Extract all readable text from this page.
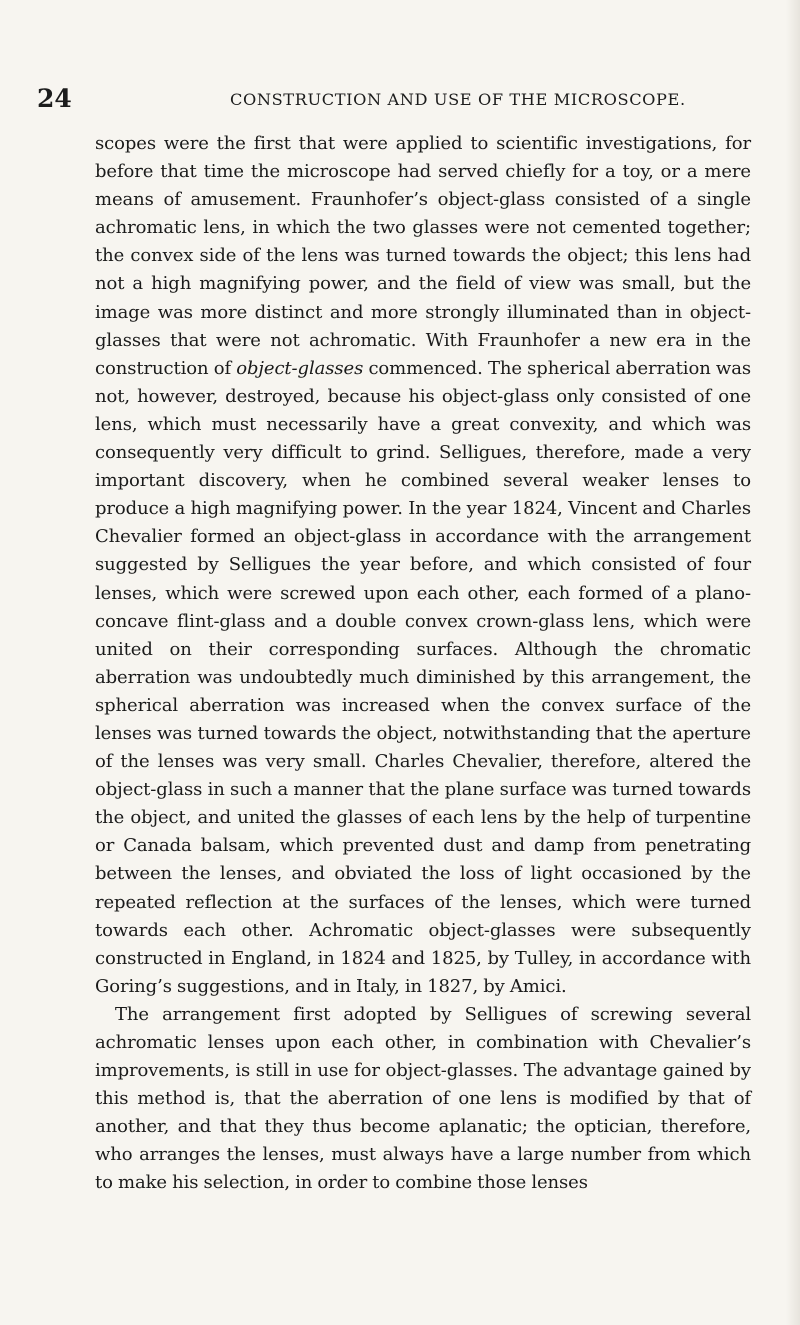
24	CONSTRUCTION AND USE OF THE MICROSCOPE.

scopes were the first that were applied to scientific investigations, for before that time the microscope had served chiefly for a toy, or a mere means of amusement. Fraunhofer’s object-glass consisted of a single achromatic lens, in which the two glasses were not cemented together; the convex side of the lens was turned towards the object; this lens had not a high magnifying power, and the field of view was small, but the image was more distinct and more strongly illuminated than in object-glasses that were not achromatic. With Fraunhofer a new era in the construction of object-glasses commenced. The spherical aberration was not, however, destroyed, because his object-glass only consisted of one lens, which must necessarily have a great convexity, and which was consequently very difficult to grind. Selligues, therefore, made a very important discovery, when he combined several weaker lenses to produce a high magnifying power. In the year 1824, Vincent and Charles Chevalier formed an object-glass in accordance with the arrangement suggested by Selligues the year before, and which consisted of four lenses, which were screwed upon each other, each formed of a plano-concave flint-glass and a double convex crown-glass lens, which were united on their corresponding surfaces. Although the chromatic aberration was undoubtedly much diminished by this arrangement, the spherical aberration was increased when the convex surface of the lenses was turned towards the object, notwithstanding that the aperture of the lenses was very small. Charles Chevalier, therefore, altered the object-glass in such a manner that the plane surface was turned towards the object, and united the glasses of each lens by the help of turpentine or Canada balsam, which prevented dust and damp from penetrating between the lenses, and obviated the loss of light occasioned by the repeated reflection at the surfaces of the lenses, which were turned towards each other. Achromatic object-glasses were subsequently constructed in England, in 1824 and 1825, by Tulley, in accordance with Goring’s suggestions, and in Italy, in 1827, by Amici.

The arrangement first adopted by Selligues of screwing several achromatic lenses upon each other, in combination with Chevalier’s improvements, is still in use for object-glasses. The advantage gained by this method is, that the aberration of one lens is modified by that of another, and that they thus become aplanatic; the optician, therefore, who arranges the lenses, must always have a large number from which to make his selection, in order to combine those lenses
